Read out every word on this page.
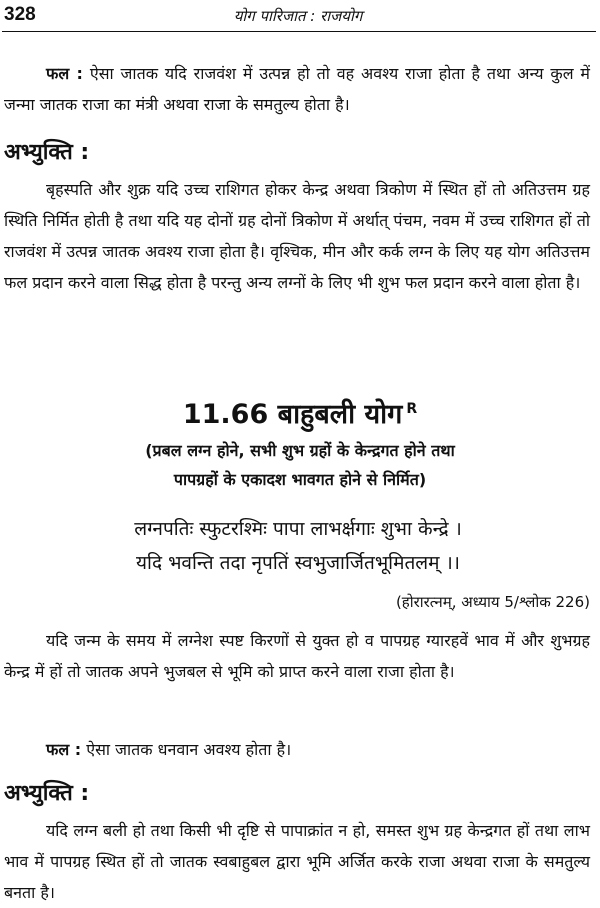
328	योग पारिजात : राजयोग

फल : ऐसा जातक यदि राजवंश में उत्पन्न हो तो वह अवश्य राजा होता है तथा अन्य कुल में जन्मा जातक राजा का मंत्री अथवा राजा के समतुल्य होता है।

अभ्युक्ति :

बृहस्पति और शुक्र यदि उच्च राशिगत होकर केन्द्र अथवा त्रिकोण में स्थित हों तो अतिउत्तम ग्रह स्थिति निर्मित होती है तथा यदि यह दोनों ग्रह दोनों त्रिकोण में अर्थात् पंचम, नवम में उच्च राशिगत हों तो राजवंश में उत्पन्न जातक अवश्य राजा होता है। वृश्चिक, मीन और कर्क लग्न के लिए यह योग अतिउत्तम फल प्रदान करने वाला सिद्ध होता है परन्तु अन्य लग्नों के लिए भी शुभ फल प्रदान करने वाला होता है।

11.66 बाहुबली योग $^R$

(प्रबल लग्न होने, सभी शुभ ग्रहों के केन्द्रगत होने तथा
पापग्रहों के एकादश भावगत होने से निर्मित)

लग्नपतिः स्फुटरश्मिः पापा लाभर्क्षगाः शुभा केन्द्रे ।
यदि भवन्ति तदा नृपतिं स्वभुजार्जितभूमितलम् ।।
(होरारत्नम्, अध्याय 5/श्लोक 226)

यदि जन्म के समय में लग्नेश स्पष्ट किरणों से युक्त हो व पापग्रह ग्यारहवें भाव में और शुभग्रह केन्द्र में हों तो जातक अपने भुजबल से भूमि को प्राप्त करने वाला राजा होता है।

फल : ऐसा जातक धनवान अवश्य होता है।

अभ्युक्ति :

यदि लग्न बली हो तथा किसी भी दृष्टि से पापाक्रांत न हो, समस्त शुभ ग्रह केन्द्रगत हों तथा लाभ भाव में पापग्रह स्थित हों तो जातक स्वबाहुबल द्वारा भूमि अर्जित करके राजा अथवा राजा के समतुल्य बनता है।
